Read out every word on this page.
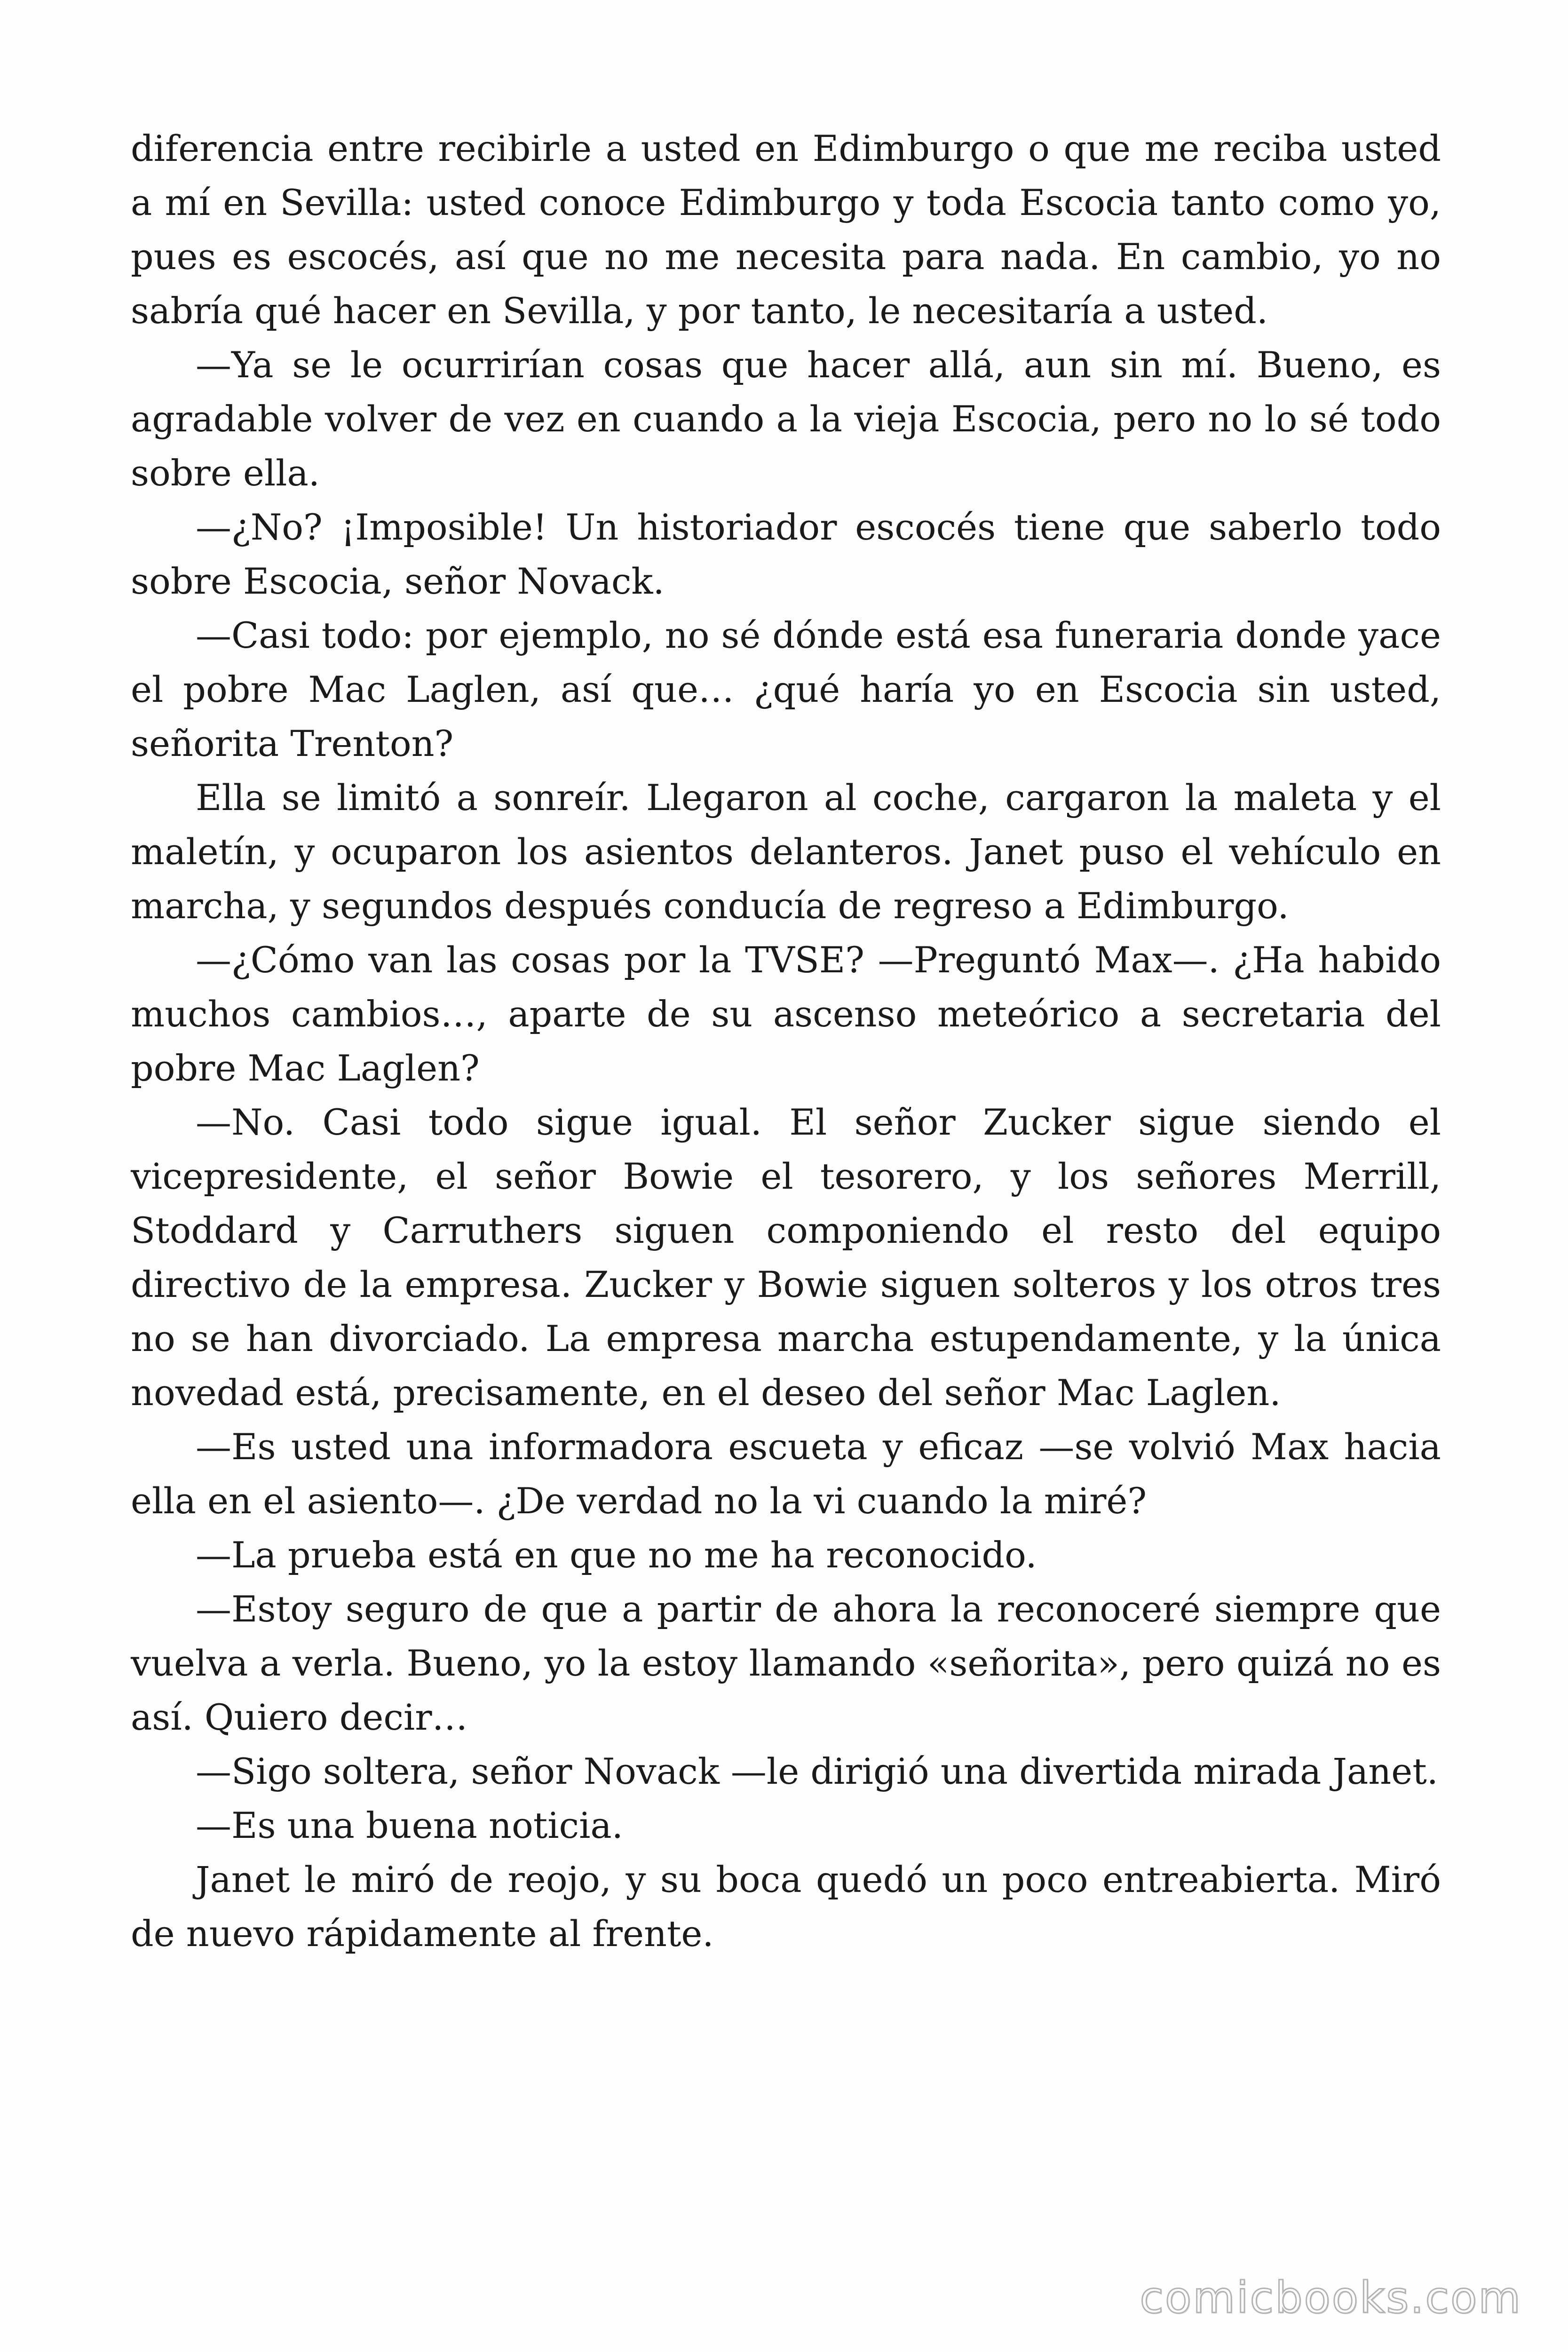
diferencia entre recibirle a usted en Edimburgo o que me reciba usted a mí en Sevilla: usted conoce Edimburgo y toda Escocia tanto como yo, pues es escocés, así que no me necesita para nada. En cambio, yo no sabría qué hacer en Sevilla, y por tanto, le necesitaría a usted.

—Ya se le ocurrirían cosas que hacer allá, aun sin mí. Bueno, es agradable volver de vez en cuando a la vieja Escocia, pero no lo sé todo sobre ella.

—¿No? ¡Imposible! Un historiador escocés tiene que saberlo todo sobre Escocia, señor Novack.

—Casi todo: por ejemplo, no sé dónde está esa funeraria donde yace el pobre Mac Laglen, así que… ¿qué haría yo en Escocia sin usted, señorita Trenton?

Ella se limitó a sonreír. Llegaron al coche, cargaron la maleta y el maletín, y ocuparon los asientos delanteros. Janet puso el vehículo en marcha, y segundos después conducía de regreso a Edimburgo.

—¿Cómo van las cosas por la TVSE? —Preguntó Max—. ¿Ha habido muchos cambios…, aparte de su ascenso meteórico a secretaria del pobre Mac Laglen?

—No. Casi todo sigue igual. El señor Zucker sigue siendo el vicepresidente, el señor Bowie el tesorero, y los señores Merrill, Stoddard y Carruthers siguen componiendo el resto del equipo directivo de la empresa. Zucker y Bowie siguen solteros y los otros tres no se han divorciado. La empresa marcha estupendamente, y la única novedad está, precisamente, en el deseo del señor Mac Laglen.

—Es usted una informadora escueta y eficaz —se volvió Max hacia ella en el asiento—. ¿De verdad no la vi cuando la miré?

—La prueba está en que no me ha reconocido.

—Estoy seguro de que a partir de ahora la reconoceré siempre que vuelva a verla. Bueno, yo la estoy llamando «señorita», pero quizá no es así. Quiero decir…

—Sigo soltera, señor Novack —le dirigió una divertida mirada Janet.

—Es una buena noticia.

Janet le miró de reojo, y su boca quedó un poco entreabierta. Miró de nuevo rápidamente al frente.

comicbooks.com
